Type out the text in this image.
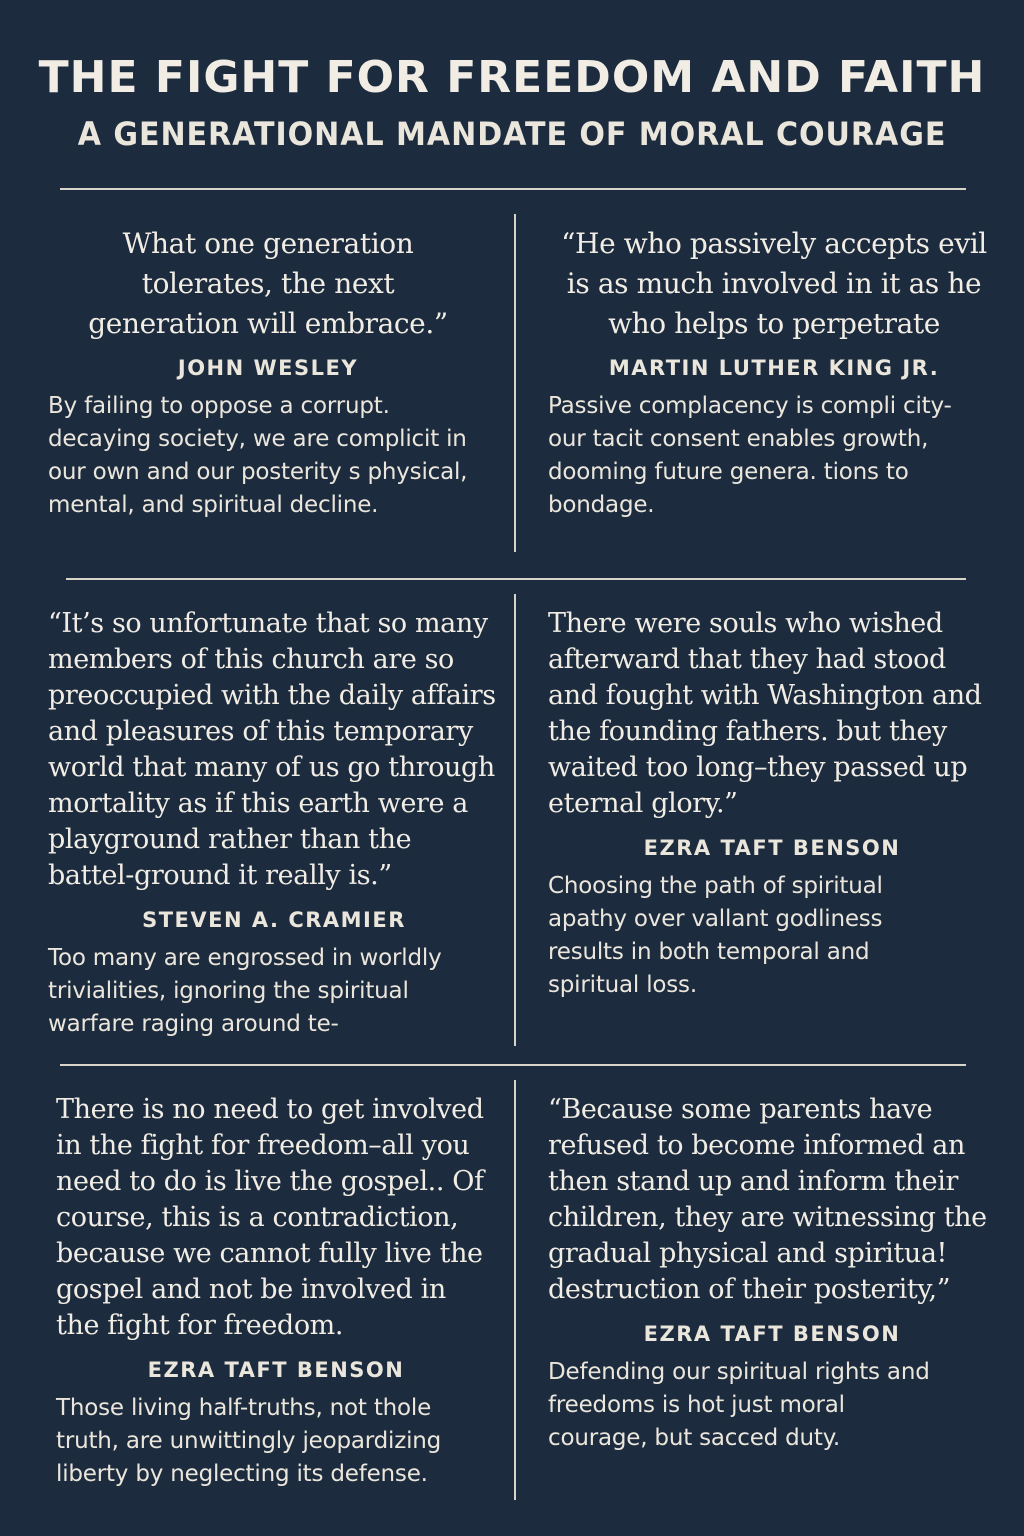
THE FIGHT FOR FREEDOM AND FAITH
A GENERATIONAL MANDATE OF MORAL COURAGE
What one generation tolerates, the next generation will embrace.”
JOHN WESLEY
By failing to oppose a corrupt. decaying society, we are complicit in our own and our posterity s physical, mental, and spiritual decline.
“He who passively accepts evil is as much involved in it as he who helps to perpetrate
MARTIN LUTHER KING JR.
Passive complacency is compli city- our tacit consent enables growth, dooming future genera. tions to bondage.
“It’s so unfortunate that so many members of this church are so preoccupied with the daily affairs and pleasures of this temporary world that many of us go through mortality as if this earth were a playground rather than the battel-ground it really is.”
STEVEN A. CRAMIER
Too many are engrossed in worldly trivialities, ignoring the spiritual warfare raging around te-
There were souls who wished afterward that they had stood and fought with Washington and the founding fathers. but they waited too long–they passed up eternal glory.”
EZRA TAFT BENSON
Choosing the path of spiritual apathy over vallant godliness results in both temporal and spiritual loss.
There is no need to get involved in the fight for freedom–all you need to do is live the gospel.. Of course, this is a contradiction, because we cannot fully live the gospel and not be involved in the fight for freedom.
EZRA TAFT BENSON
Those living half-truths, not thole truth, are unwittingly jeopardizing liberty by neglecting its defense.
“Because some parents have refused to become informed an then stand up and inform their children, they are witnessing the gradual physical and spiritua! destruction of their posterity,”
EZRA TAFT BENSON
Defending our spiritual rights and freedoms is hot just moral courage, but sacced duty.
